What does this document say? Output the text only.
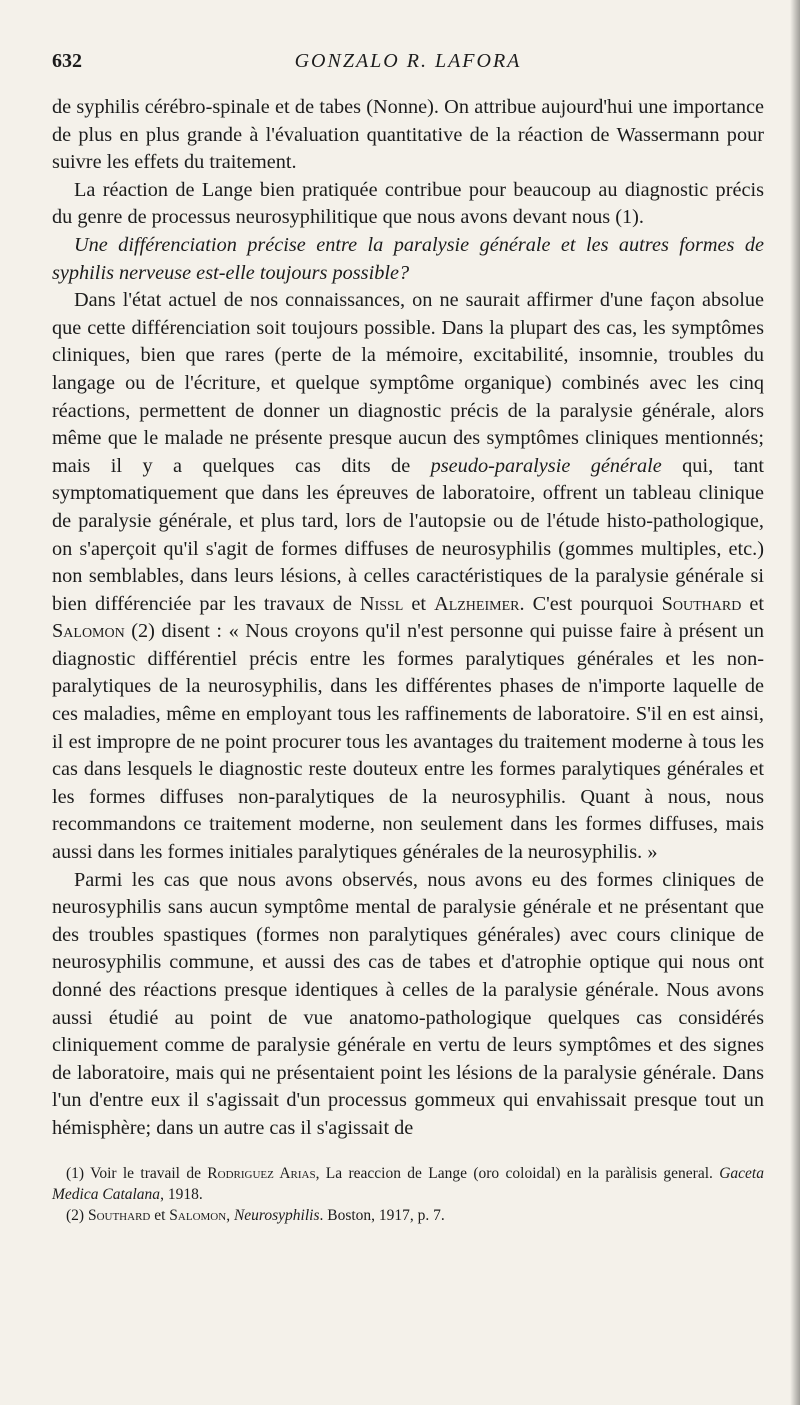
632	GONZALO R. LAFORA

de syphilis cérébro-spinale et de tabes (Nonne). On attribue aujourd'hui une importance de plus en plus grande à l'évaluation quantitative de la réaction de Wassermann pour suivre les effets du traitement.

La réaction de Lange bien pratiquée contribue pour beaucoup au diagnostic précis du genre de processus neurosyphilitique que nous avons devant nous (1).

Une différenciation précise entre la paralysie générale et les autres formes de syphilis nerveuse est-elle toujours possible?

Dans l'état actuel de nos connaissances, on ne saurait affirmer d'une façon absolue que cette différenciation soit toujours possible. Dans la plupart des cas, les symptômes cliniques, bien que rares (perte de la mémoire, excitabilité, insomnie, troubles du langage ou de l'écriture, et quelque symptôme organique) combinés avec les cinq réactions, permettent de donner un diagnostic précis de la paralysie générale, alors même que le malade ne présente presque aucun des symptômes cliniques mentionnés; mais il y a quelques cas dits de pseudo-paralysie générale qui, tant symptomatiquement que dans les épreuves de laboratoire, offrent un tableau clinique de paralysie générale, et plus tard, lors de l'autopsie ou de l'étude histo-pathologique, on s'aperçoit qu'il s'agit de formes diffuses de neurosyphilis (gommes multiples, etc.) non semblables, dans leurs lésions, à celles caractéristiques de la paralysie générale si bien différenciée par les travaux de Nissl et Alzheimer. C'est pourquoi Southard et Salomon (2) disent : « Nous croyons qu'il n'est personne qui puisse faire à présent un diagnostic différentiel précis entre les formes paralytiques générales et les non-paralytiques de la neurosyphilis, dans les différentes phases de n'importe laquelle de ces maladies, même en employant tous les raffinements de laboratoire. S'il en est ainsi, il est impropre de ne point procurer tous les avantages du traitement moderne à tous les cas dans lesquels le diagnostic reste douteux entre les formes paralytiques générales et les formes diffuses non-paralytiques de la neurosyphilis. Quant à nous, nous recommandons ce traitement moderne, non seulement dans les formes diffuses, mais aussi dans les formes initiales paralytiques générales de la neurosyphilis. »

Parmi les cas que nous avons observés, nous avons eu des formes cliniques de neurosyphilis sans aucun symptôme mental de paralysie générale et ne présentant que des troubles spastiques (formes non paralytiques générales) avec cours clinique de neurosyphilis commune, et aussi des cas de tabes et d'atrophie optique qui nous ont donné des réactions presque identiques à celles de la paralysie générale. Nous avons aussi étudié au point de vue anatomo-pathologique quelques cas considérés cliniquement comme de paralysie générale en vertu de leurs symptômes et des signes de laboratoire, mais qui ne présentaient point les lésions de la paralysie générale. Dans l'un d'entre eux il s'agissait d'un processus gommeux qui envahissait presque tout un hémisphère; dans un autre cas il s'agissait de

(1) Voir le travail de Rodriguez Arias, La reaccion de Lange (oro coloidal) en la paràlisis general. Gaceta Medica Catalana, 1918.

(2) Southard et Salomon, Neurosyphilis. Boston, 1917, p. 7.
